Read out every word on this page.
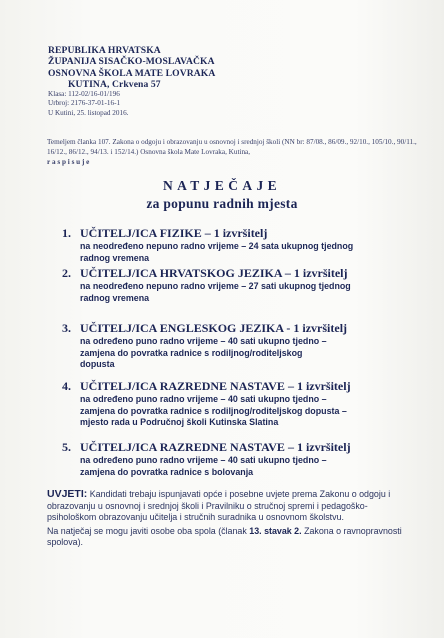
REPUBLIKA HRVATSKA
ŽUPANIJA SISAČKO-MOSLAVAČKA
OSNOVNA ŠKOLA MATE LOVRAKA
KUTINA, Crkvena 57
Klasa: 112-02/16-01/196
Urbroj: 2176-37-01-16-1
U Kutini, 25. listopad 2016.
Temeljem članka 107. Zakona o odgoju i obrazovanju u osnovnoj i srednjoj školi (NN br: 87/08., 86/09., 92/10., 105/10., 90/11., 16/12., 86/12., 94/13. i 152/14.) Osnovna škola Mate Lovraka, Kutina,
raspisuje
NATJEČAJE
za popunu radnih mjesta
1. UČITELJ/ICA FIZIKE – 1 izvršitelj
na neodređeno nepuno radno vrijeme – 24 sata ukupnog tjednog
radnog vremena
2. UČITELJ/ICA HRVATSKOG JEZIKA – 1 izvršitelj
na neodređeno nepuno radno vrijeme – 27 sati ukupnog tjednog
radnog vremena
3. UČITELJ/ICA ENGLESKOG JEZIKA - 1 izvršitelj
na određeno puno radno vrijeme – 40 sati ukupno tjedno –
zamjena do povratka radnice s rodiljnog/roditeljskog
dopusta
4. UČITELJ/ICA RAZREDNE NASTAVE – 1 izvršitelj
na određeno puno radno vrijeme – 40 sati ukupno tjedno –
zamjena do povratka radnice s rodiljnog/roditeljskog dopusta –
mjesto rada u Područnoj školi Kutinska Slatina
5. UČITELJ/ICA RAZREDNE NASTAVE – 1 izvršitelj
na određeno puno radno vrijeme – 40 sati ukupno tjedno –
zamjena do povratka radnice s bolovanja

UVJETI: Kandidati trebaju ispunjavati opće i posebne uvjete prema Zakonu o odgoju i obrazovanju u osnovnoj i srednjoj školi i Pravilniku o stručnoj spremi i pedagoško-psihološkom obrazovanju učitelja i stručnih suradnika u osnovnom školstvu.

Na natječaj se mogu javiti osobe oba spola (članak 13. stavak 2. Zakona o ravnopravnosti spolova).
